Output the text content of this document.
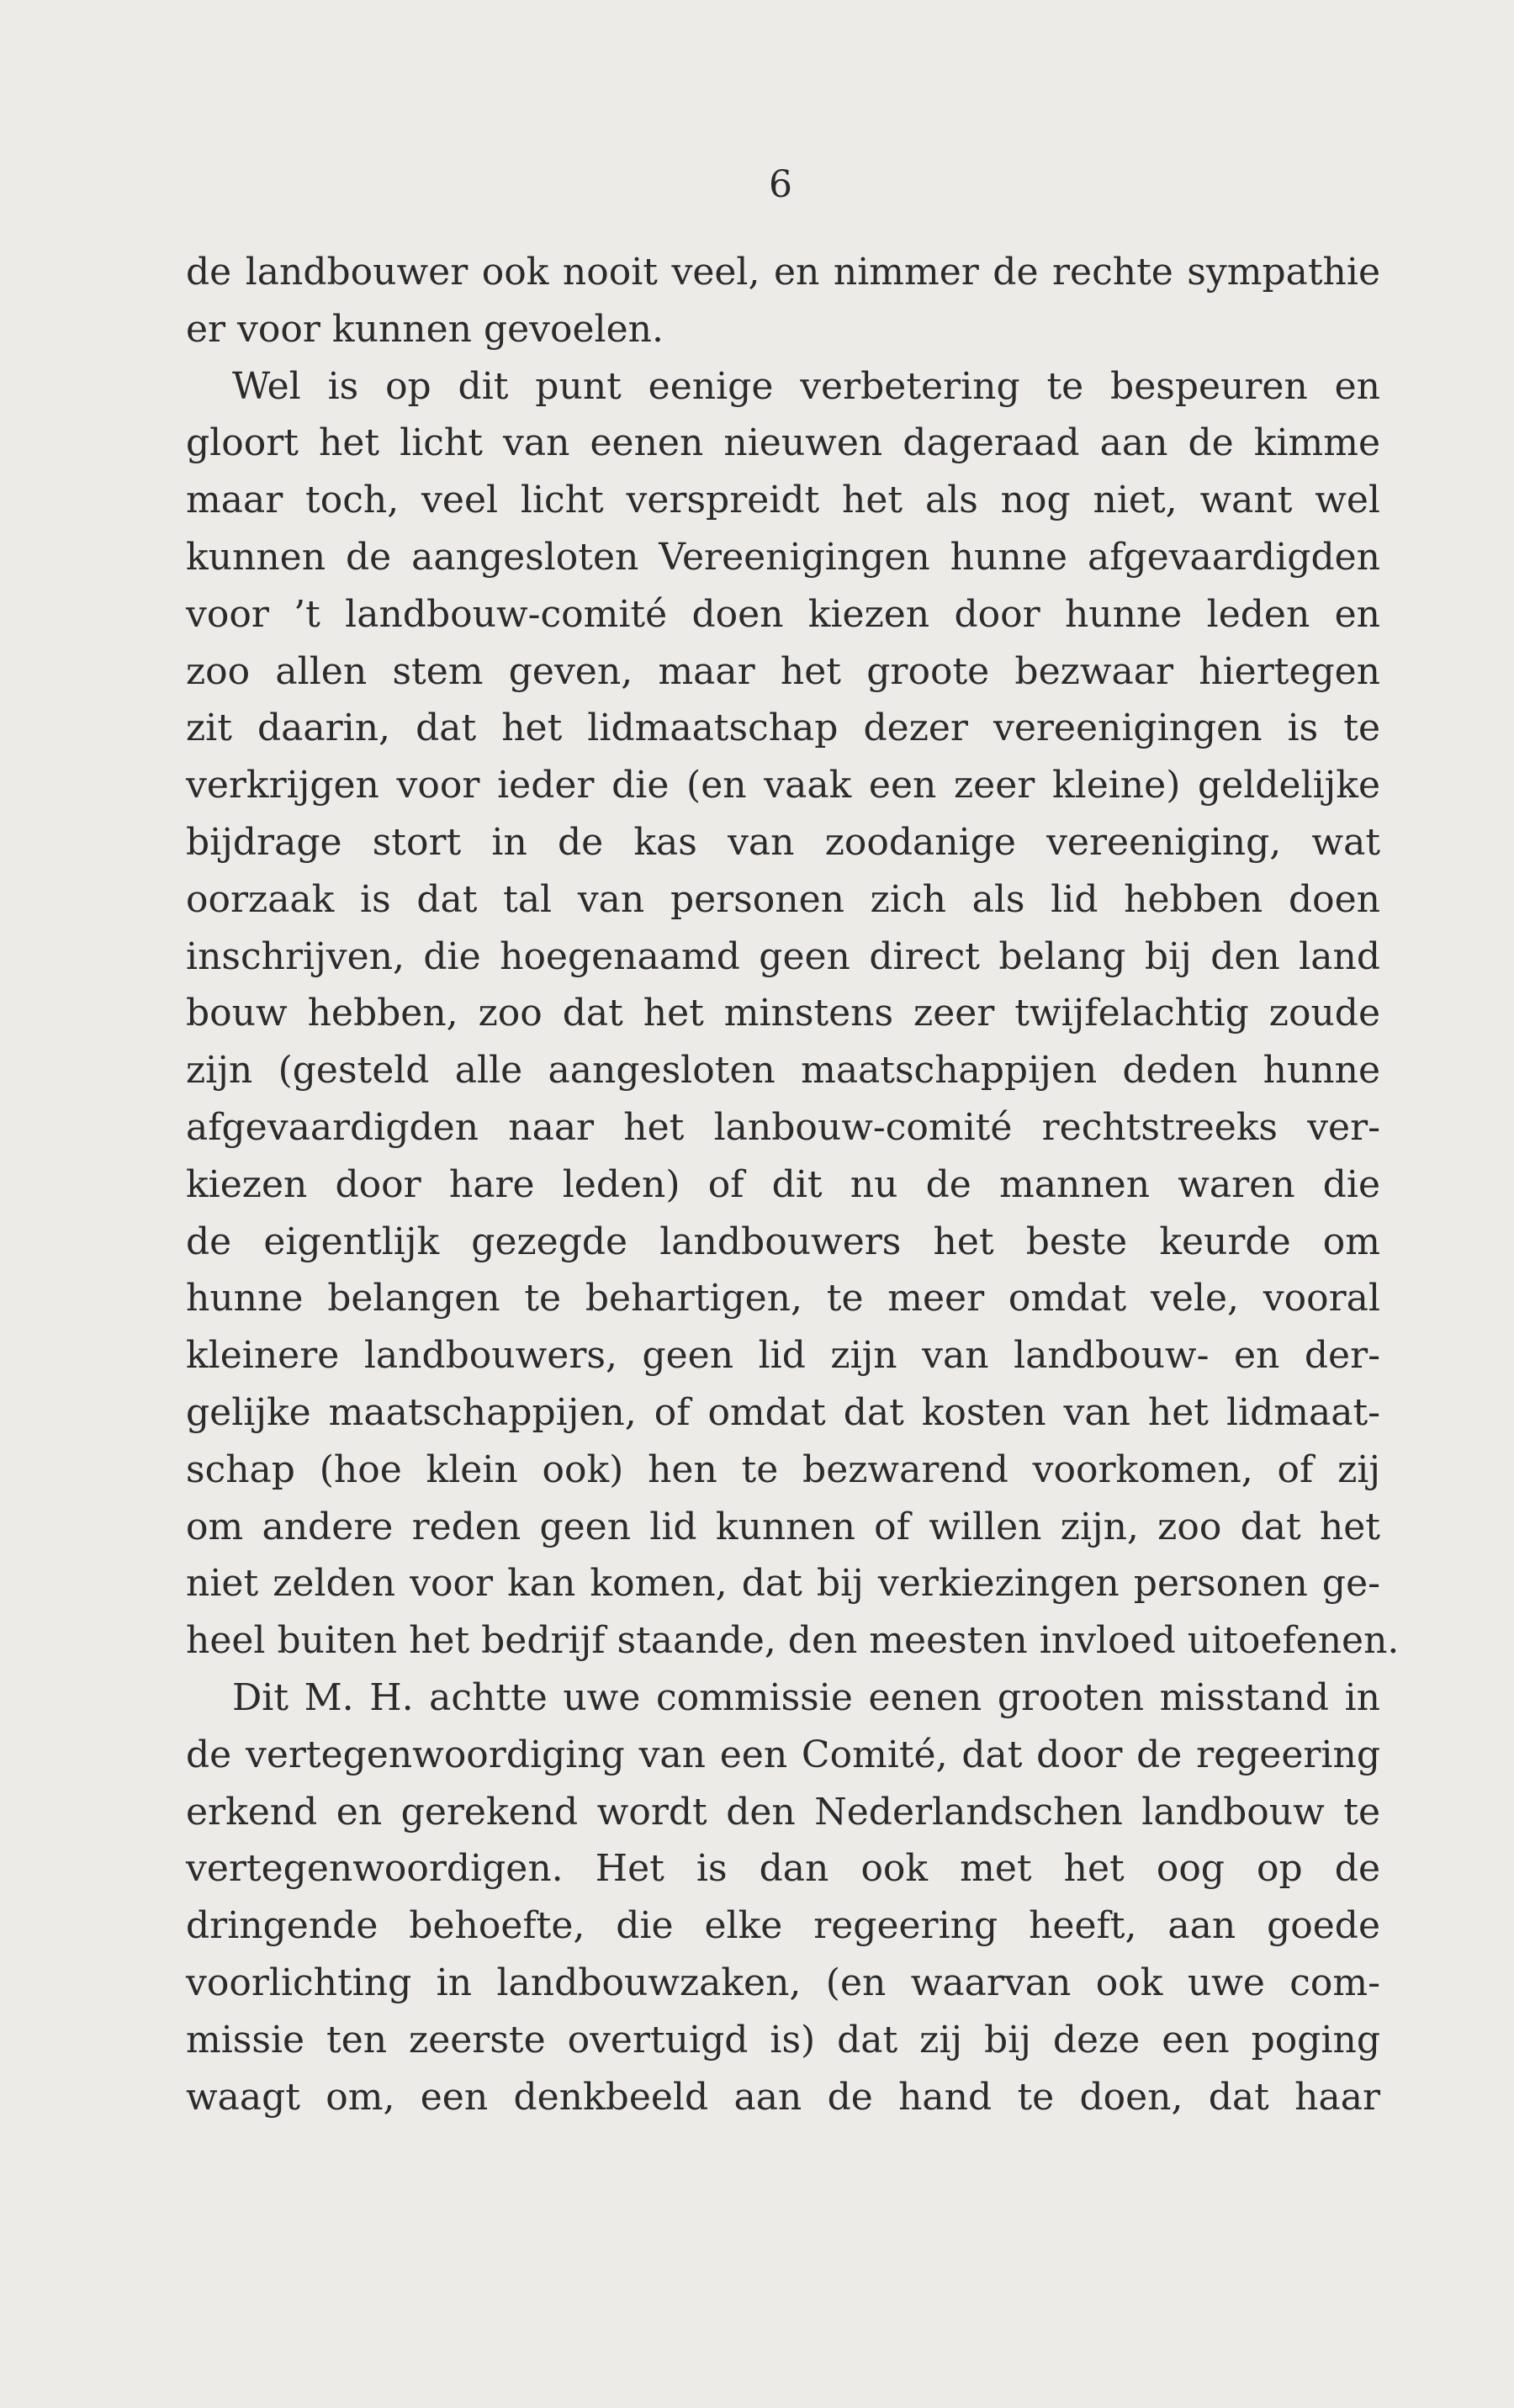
6
de landbouwer ook nooit veel, en nimmer de rechte sympathie
er voor kunnen gevoelen.
Wel is op dit punt eenige verbetering te bespeuren en
gloort het licht van eenen nieuwen dageraad aan de kimme
maar toch, veel licht verspreidt het als nog niet, want wel
kunnen de aangesloten Vereenigingen hunne afgevaardigden
voor ’t landbouw-comité doen kiezen door hunne leden en
zoo allen stem geven, maar het groote bezwaar hiertegen
zit daarin, dat het lidmaatschap dezer vereenigingen is te
verkrijgen voor ieder die (en vaak een zeer kleine) geldelijke
bijdrage stort in de kas van zoodanige vereeniging, wat
oorzaak is dat tal van personen zich als lid hebben doen
inschrijven, die hoegenaamd geen direct belang bij den land
bouw hebben, zoo dat het minstens zeer twijfelachtig zoude
zijn (gesteld alle aangesloten maatschappijen deden hunne
afgevaardigden naar het lanbouw-comité rechtstreeks ver-
kiezen door hare leden) of dit nu de mannen waren die
de eigentlijk gezegde landbouwers het beste keurde om
hunne belangen te behartigen, te meer omdat vele, vooral
kleinere landbouwers, geen lid zijn van landbouw- en der-
gelijke maatschappijen, of omdat dat kosten van het lidmaat-
schap (hoe klein ook) hen te bezwarend voorkomen, of zij
om andere reden geen lid kunnen of willen zijn, zoo dat het
niet zelden voor kan komen, dat bij verkiezingen personen ge-
heel buiten het bedrijf staande, den meesten invloed uitoefenen.
Dit M. H. achtte uwe commissie eenen grooten misstand in
de vertegenwoordiging van een Comité, dat door de regeering
erkend en gerekend wordt den Nederlandschen landbouw te
vertegenwoordigen. Het is dan ook met het oog op de
dringende behoefte, die elke regeering heeft, aan goede
voorlichting in landbouwzaken, (en waarvan ook uwe com-
missie ten zeerste overtuigd is) dat zij bij deze een poging
waagt om, een denkbeeld aan de hand te doen, dat haar
